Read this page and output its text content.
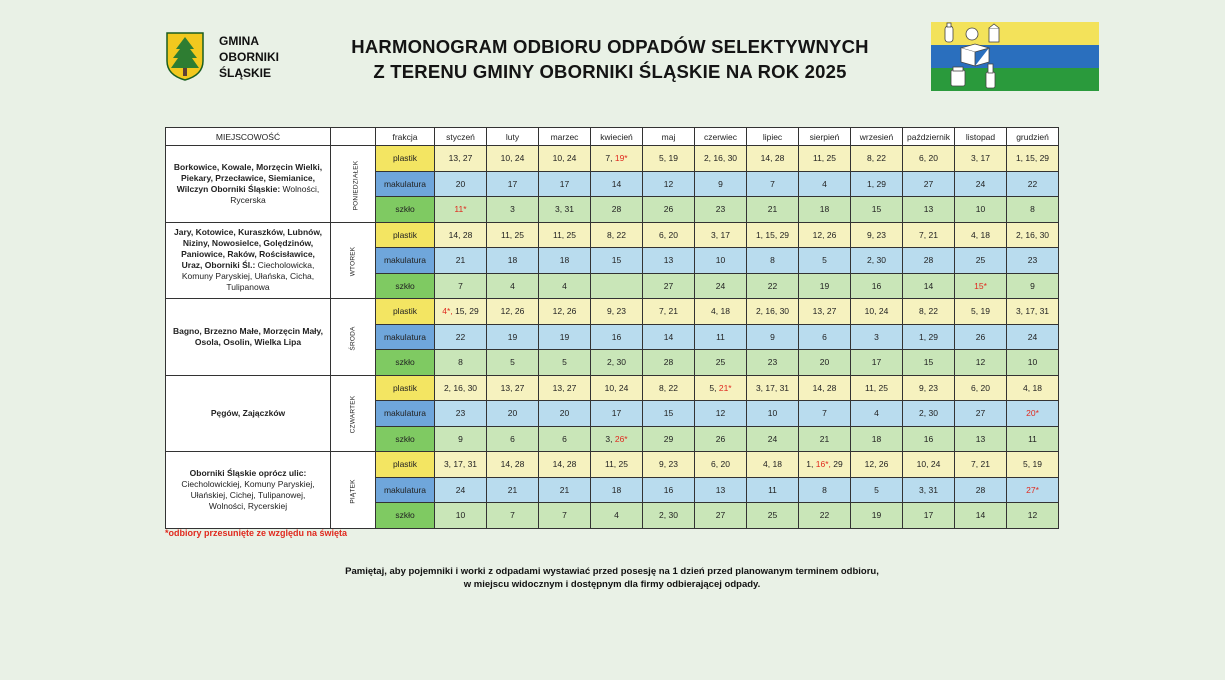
GMINA
OBORNIKI
ŚLĄSKIE
HARMONOGRAM ODBIORU ODPADÓW SELEKTYWNYCH
Z TERENU GMINY OBORNIKI ŚLĄSKIE NA ROK 2025
MIEJSCOWOŚĆ		frakcja	styczeń	luty	marzec	kwiecień	maj	czerwiec	lipiec	sierpień	wrzesień	październik	listopad	grudzień
Borkowice, Kowale, Morzęcin Wielki, Piekary, Przecławice, Siemianice, Wilczyn Oborniki Śląskie: Wolności, Rycerska	PONIEDZIAŁEK	plastik	13, 27	10, 24	10, 24	7, 19*	5, 19	2, 16, 30	14, 28	11, 25	8, 22	6, 20	3, 17	1, 15, 29
		makulatura	20	17	17	14	12	9	7	4	1, 29	27	24	22
		szkło	11*	3	3, 31	28	26	23	21	18	15	13	10	8
Jary, Kotowice, Kuraszków, Lubnów, Niziny, Nowosielce, Golędzinów, Paniowice, Raków, Rościsławice, Uraz, Oborniki Śl.: Ciecholowicka, Komuny Paryskiej, Ułańska, Cicha, Tulipanowa	WTOREK	plastik	14, 28	11, 25	11, 25	8, 22	6, 20	3, 17	1, 15, 29	12, 26	9, 23	7, 21	4, 18	2, 16, 30
		makulatura	21	18	18	15	13	10	8	5	2, 30	28	25	23
		szkło	7	4	4		27	24	22	19	16	14	15*	9
Bagno, Brzezno Małe, Morzęcin Mały, Osola, Osolin, Wielka Lipa	ŚRODA	plastik	4*, 15, 29	12, 26	12, 26	9, 23	7, 21	4, 18	2, 16, 30	13, 27	10, 24	8, 22	5, 19	3, 17, 31
		makulatura	22	19	19	16	14	11	9	6	3	1, 29	26	24
		szkło	8	5	5	2, 30	28	25	23	20	17	15	12	10
Pęgów, Zajączków	CZWARTEK	plastik	2, 16, 30	13, 27	13, 27	10, 24	8, 22	5, 21*	3, 17, 31	14, 28	11, 25	9, 23	6, 20	4, 18
		makulatura	23	20	20	17	15	12	10	7	4	2, 30	27	20*
		szkło	9	6	6	3, 26*	29	26	24	21	18	16	13	11
Oborniki Śląskie oprócz ulic: Ciecholowickiej, Komuny Paryskiej, Ułańskiej, Cichej, Tulipanowej, Wolności, Rycerskiej	PIĄTEK	plastik	3, 17, 31	14, 28	14, 28	11, 25	9, 23	6, 20	4, 18	1, 16*, 29	12, 26	10, 24	7, 21	5, 19
		makulatura	24	21	21	18	16	13	11	8	5	3, 31	28	27*
		szkło	10	7	7	4	2, 30	27	25	22	19	17	14	12
*odbiory przesunięte ze względu na święta
Pamiętaj, aby pojemniki i worki z odpadami wystawiać przed posesję na 1 dzień przed planowanym terminem odbioru,
w miejscu widocznym i dostępnym dla firmy odbierającej odpady.
